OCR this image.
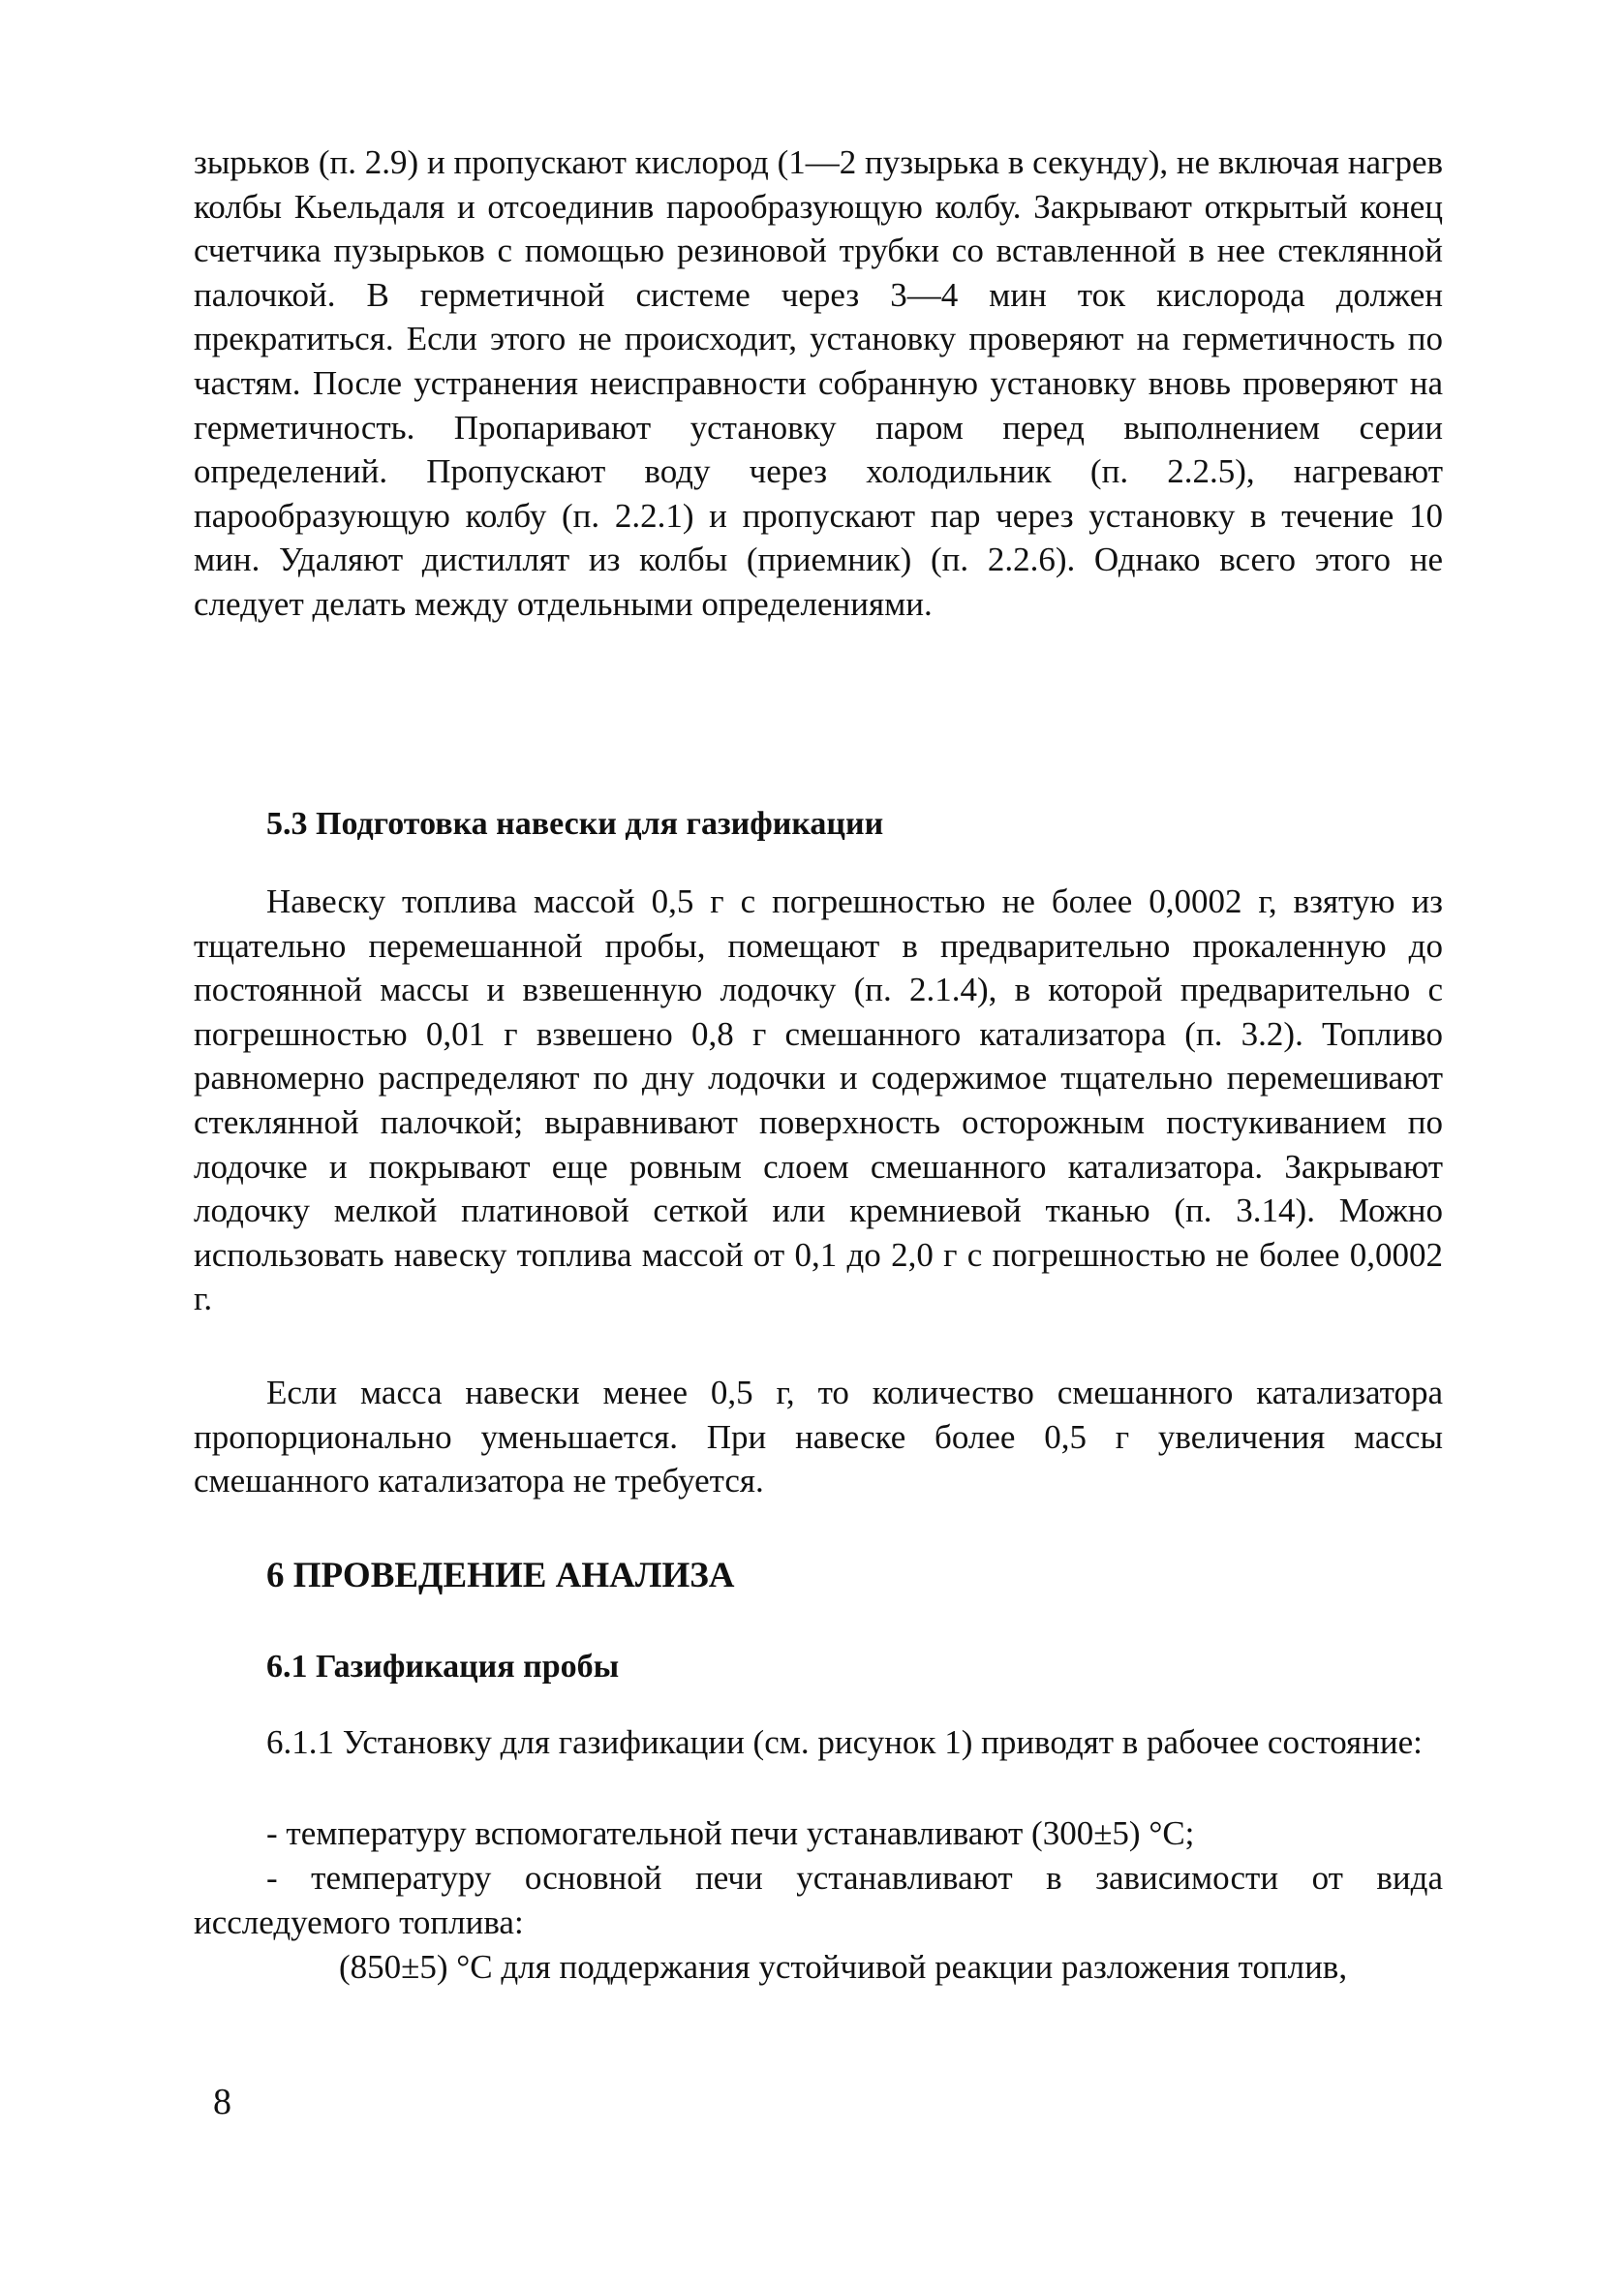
зырьков (п. 2.9) и пропускают кислород (1—2 пузырька в секунду), не включая нагрев колбы Кьельдаля и отсоединив парообразующую колбу. Закрывают открытый конец счетчика пузырьков с помощью резиновой трубки со вставленной в нее стеклянной палочкой. В герметичной системе через 3—4 мин ток кислорода должен прекратиться. Если этого не происходит, установку проверяют на герметичность по частям. После устранения неисправности собранную установку вновь проверяют на герметичность. Пропаривают установку паром перед выполнением серии определений. Пропускают воду через холодильник (п. 2.2.5), нагревают парообразующую колбу (п. 2.2.1) и пропускают пар через установку в течение 10 мин. Удаляют дистиллят из колбы (приемник) (п. 2.2.6). Однако всего этого не следует делать между отдельными определениями.

5.3 Подготовка навески для газификации

Навеску топлива массой 0,5 г с погрешностью не более 0,0002 г, взятую из тщательно перемешанной пробы, помещают в предварительно прокаленную до постоянной массы и взвешенную лодочку (п. 2.1.4), в которой предварительно с погрешностью 0,01 г взвешено 0,8 г смешанного катализатора (п. 3.2). Топливо равномерно распределяют по дну лодочки и содержимое тщательно перемешивают стеклянной палочкой; выравнивают поверхность осторожным постукиванием по лодочке и покрывают еще ровным слоем смешанного катализатора. Закрывают лодочку мелкой платиновой сеткой или кремниевой тканью (п. 3.14). Можно использовать навеску топлива массой от 0,1 до 2,0 г с погрешностью не более 0,0002 г.

Если масса навески менее 0,5 г, то количество смешанного катализатора пропорционально уменьшается. При навеске более 0,5 г увеличения массы смешанного катализатора не требуется.

6 ПРОВЕДЕНИЕ АНАЛИЗА
6.1 Газификация пробы

6.1.1 Установку для газификации (см. рисунок 1) приводят в рабочее состояние:

- температуру вспомогательной печи устанавливают (300±5) °С;

- температуру основной печи устанавливают в зависимости от вида исследуемого топлива:

(850±5) °С для поддержания устойчивой реакции разложения топлив,

8
